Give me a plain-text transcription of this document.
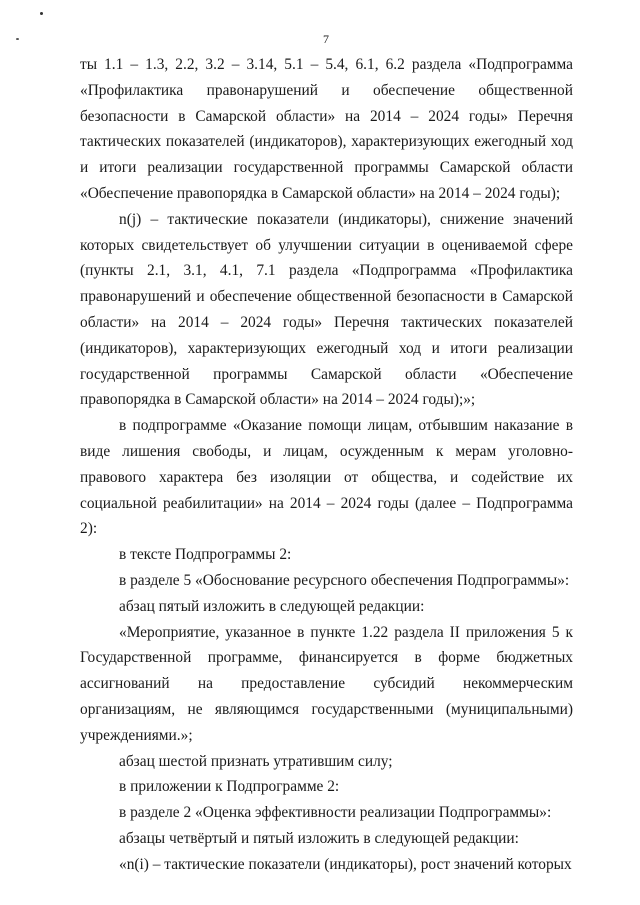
7

ты 1.1 – 1.3, 2.2, 3.2 – 3.14, 5.1 – 5.4, 6.1, 6.2 раздела «Подпрограмма «Профилактика правонарушений и обеспечение общественной безопасности в Самарской области» на 2014 – 2024 годы» Перечня тактических показателей (индикаторов), характеризующих ежегодный ход и итоги реализации государственной программы Самарской области «Обеспечение правопорядка в Самарской области» на 2014 – 2024 годы);

n(j) – тактические показатели (индикаторы), снижение значений которых свидетельствует об улучшении ситуации в оцениваемой сфере (пункты 2.1, 3.1, 4.1, 7.1 раздела «Подпрограмма «Профилактика правонарушений и обеспечение общественной безопасности в Самарской области» на 2014 – 2024 годы» Перечня тактических показателей (индикаторов), характеризующих ежегодный ход и итоги реализации государственной программы Самарской области «Обеспечение правопорядка в Самарской области» на 2014 – 2024 годы);»;

в подпрограмме «Оказание помощи лицам, отбывшим наказание в виде лишения свободы, и лицам, осужденным к мерам уголовно-правового характера без изоляции от общества, и содействие их социальной реабилитации» на 2014 – 2024 годы (далее – Подпрограмма 2):

в тексте Подпрограммы 2:

в разделе 5 «Обоснование ресурсного обеспечения Подпрограммы»:

абзац пятый изложить в следующей редакции:

«Мероприятие, указанное в пункте 1.22 раздела II приложения 5 к Государственной программе, финансируется в форме бюджетных ассигнований на предоставление субсидий некоммерческим организациям, не являющимся государственными (муниципальными) учреждениями.»;

абзац шестой признать утратившим силу;

в приложении к Подпрограмме 2:

в разделе 2 «Оценка эффективности реализации Подпрограммы»:

абзацы четвёртый и пятый изложить в следующей редакции:

«n(i) – тактические показатели (индикаторы), рост значений которых
